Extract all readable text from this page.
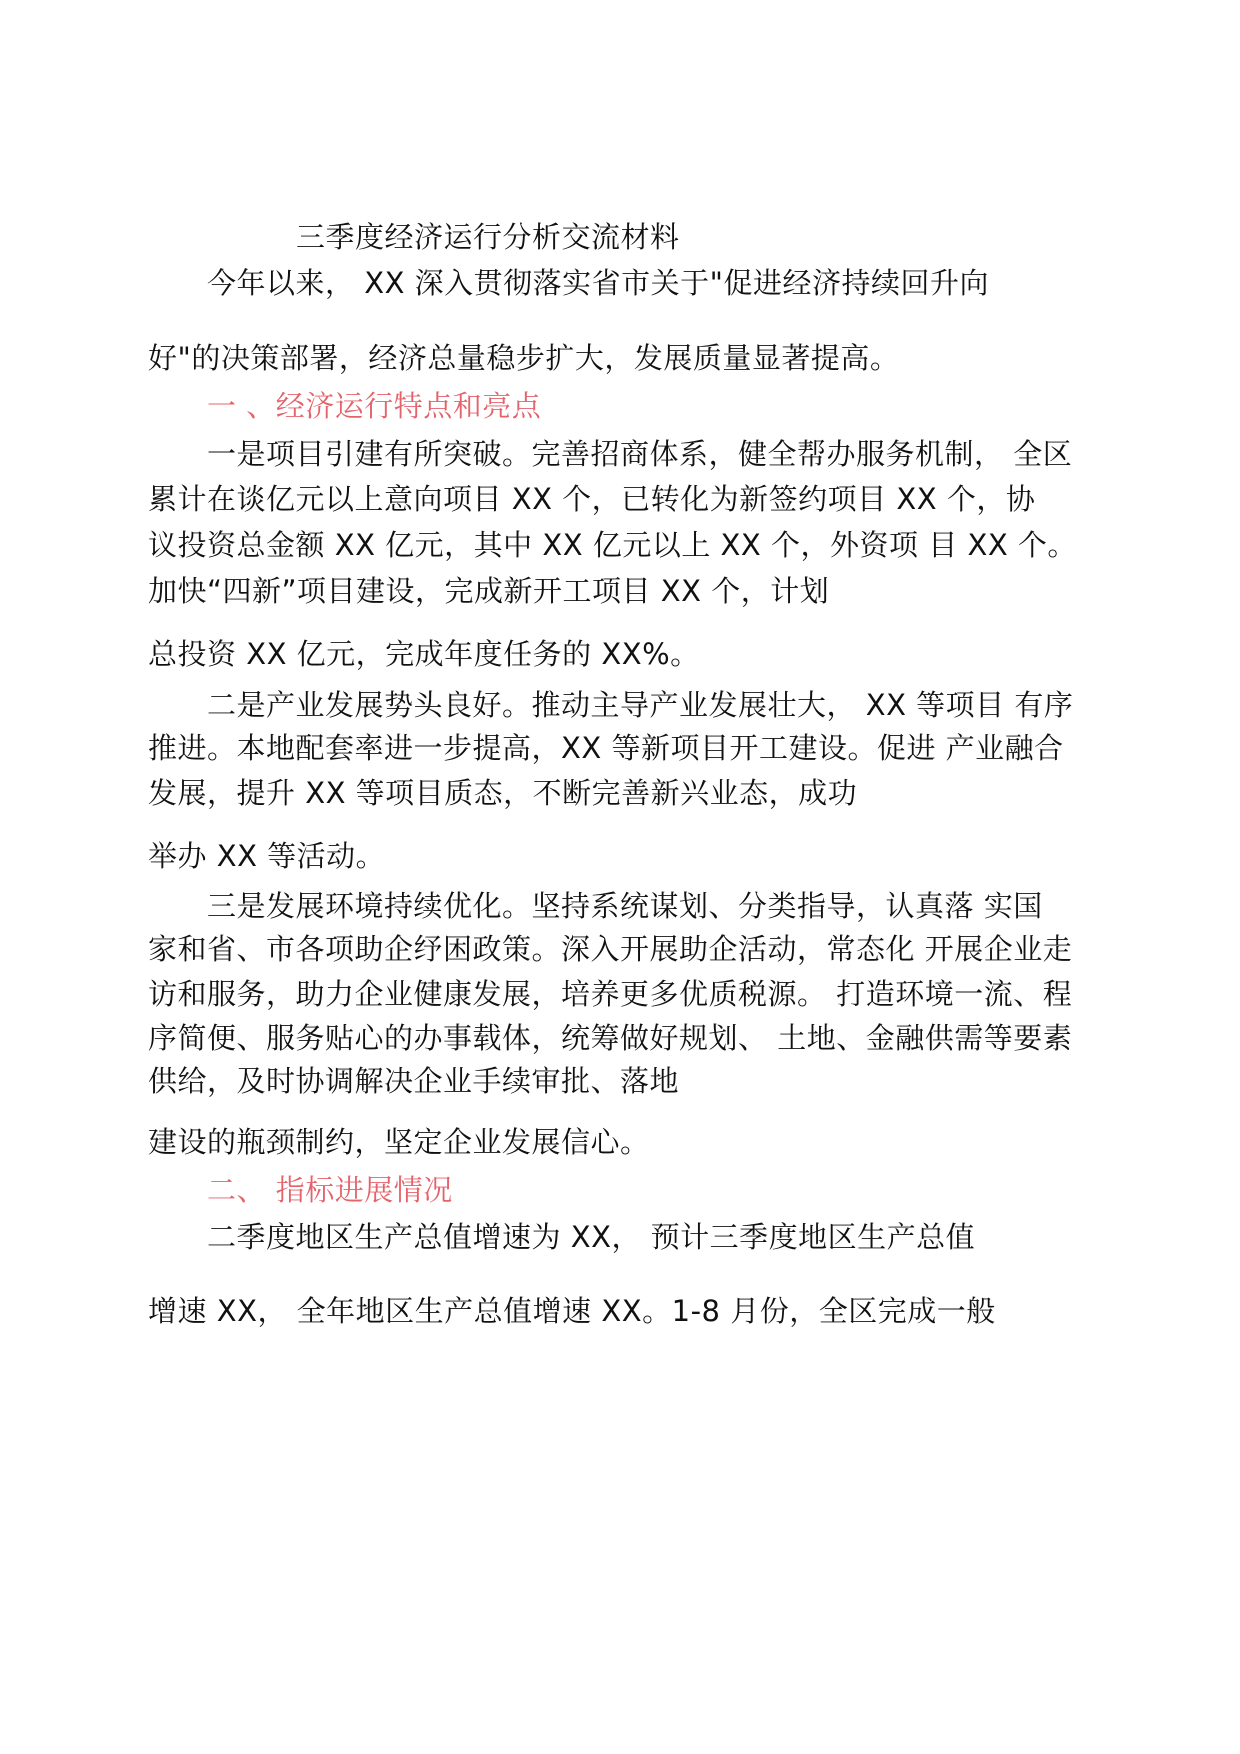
三季度经济运行分析交流材料
今年以来， XX 深入贯彻落实省市关于"促进经济持续回升向
好"的决策部署，经济总量稳步扩大，发展质量显著提高。
一 、经济运行特点和亮点
一是项目引建有所突破。完善招商体系，健全帮办服务机制， 全区
累计在谈亿元以上意向项目 XX 个，已转化为新签约项目 XX 个，协
议投资总金额 XX 亿元，其中 XX 亿元以上 XX 个，外资项 目 XX 个。
加快“四新”项目建设，完成新开工项目 XX 个，计划
总投资 XX 亿元，完成年度任务的 XX%。
二是产业发展势头良好。推动主导产业发展壮大， XX 等项目 有序
推进。本地配套率进一步提高，XX 等新项目开工建设。促进 产业融合
发展，提升 XX 等项目质态，不断完善新兴业态，成功
举办 XX 等活动。
三是发展环境持续优化。坚持系统谋划、分类指导，认真落 实国
家和省、市各项助企纾困政策。深入开展助企活动，常态化 开展企业走
访和服务，助力企业健康发展，培养更多优质税源。 打造环境一流、程
序简便、服务贴心的办事载体，统筹做好规划、 土地、金融供需等要素
供给，及时协调解决企业手续审批、落地
建设的瓶颈制约，坚定企业发展信心。
二、 指标进展情况
二季度地区生产总值增速为 XX， 预计三季度地区生产总值
增速 XX， 全年地区生产总值增速 XX。1-8 月份，全区完成一般
